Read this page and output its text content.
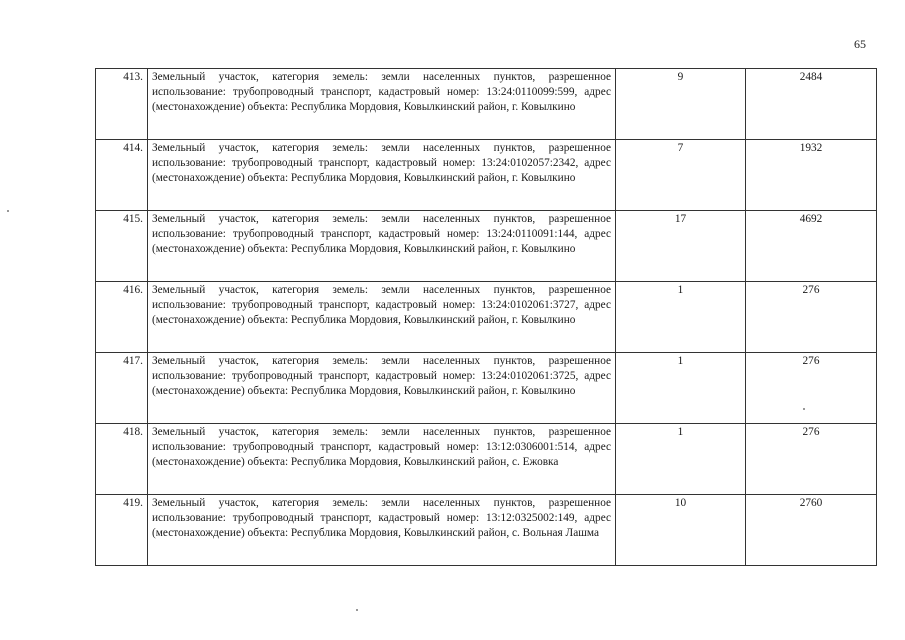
65
413.	Земельный участок, категория земель: земли населенных пунктов, разрешенное использование: трубопроводный транспорт, кадастровый номер: 13:24:0110099:599, адрес (местонахождение) объекта: Республика Мордовия, Ковылкинский район, г. Ковылкино	9	2484
414.	Земельный участок, категория земель: земли населенных пунктов, разрешенное использование: трубопроводный транспорт, кадастровый номер: 13:24:0102057:2342, адрес (местонахождение) объекта: Республика Мордовия, Ковылкинский район, г. Ковылкино	7	1932
415.	Земельный участок, категория земель: земли населенных пунктов, разрешенное использование: трубопроводный транспорт, кадастровый номер: 13:24:0110091:144, адрес (местонахождение) объекта: Республика Мордовия, Ковылкинский район, г. Ковылкино	17	4692
416.	Земельный участок, категория земель: земли населенных пунктов, разрешенное использование: трубопроводный транспорт, кадастровый номер: 13:24:0102061:3727, адрес (местонахождение) объекта: Республика Мордовия, Ковылкинский район, г. Ковылкино	1	276
417.	Земельный участок, категория земель: земли населенных пунктов, разрешенное использование: трубопроводный транспорт, кадастровый номер: 13:24:0102061:3725, адрес (местонахождение) объекта: Республика Мордовия, Ковылкинский район, г. Ковылкино	1	276
418.	Земельный участок, категория земель: земли населенных пунктов, разрешенное использование: трубопроводный транспорт, кадастровый номер: 13:12:0306001:514, адрес (местонахождение) объекта: Республика Мордовия, Ковылкинский район, с. Ежовка	1	276
419.	Земельный участок, категория земель: земли населенных пунктов, разрешенное использование: трубопроводный транспорт, кадастровый номер: 13:12:0325002:149, адрес (местонахождение) объекта: Республика Мордовия, Ковылкинский район, с. Вольная Лашма	10	2760
